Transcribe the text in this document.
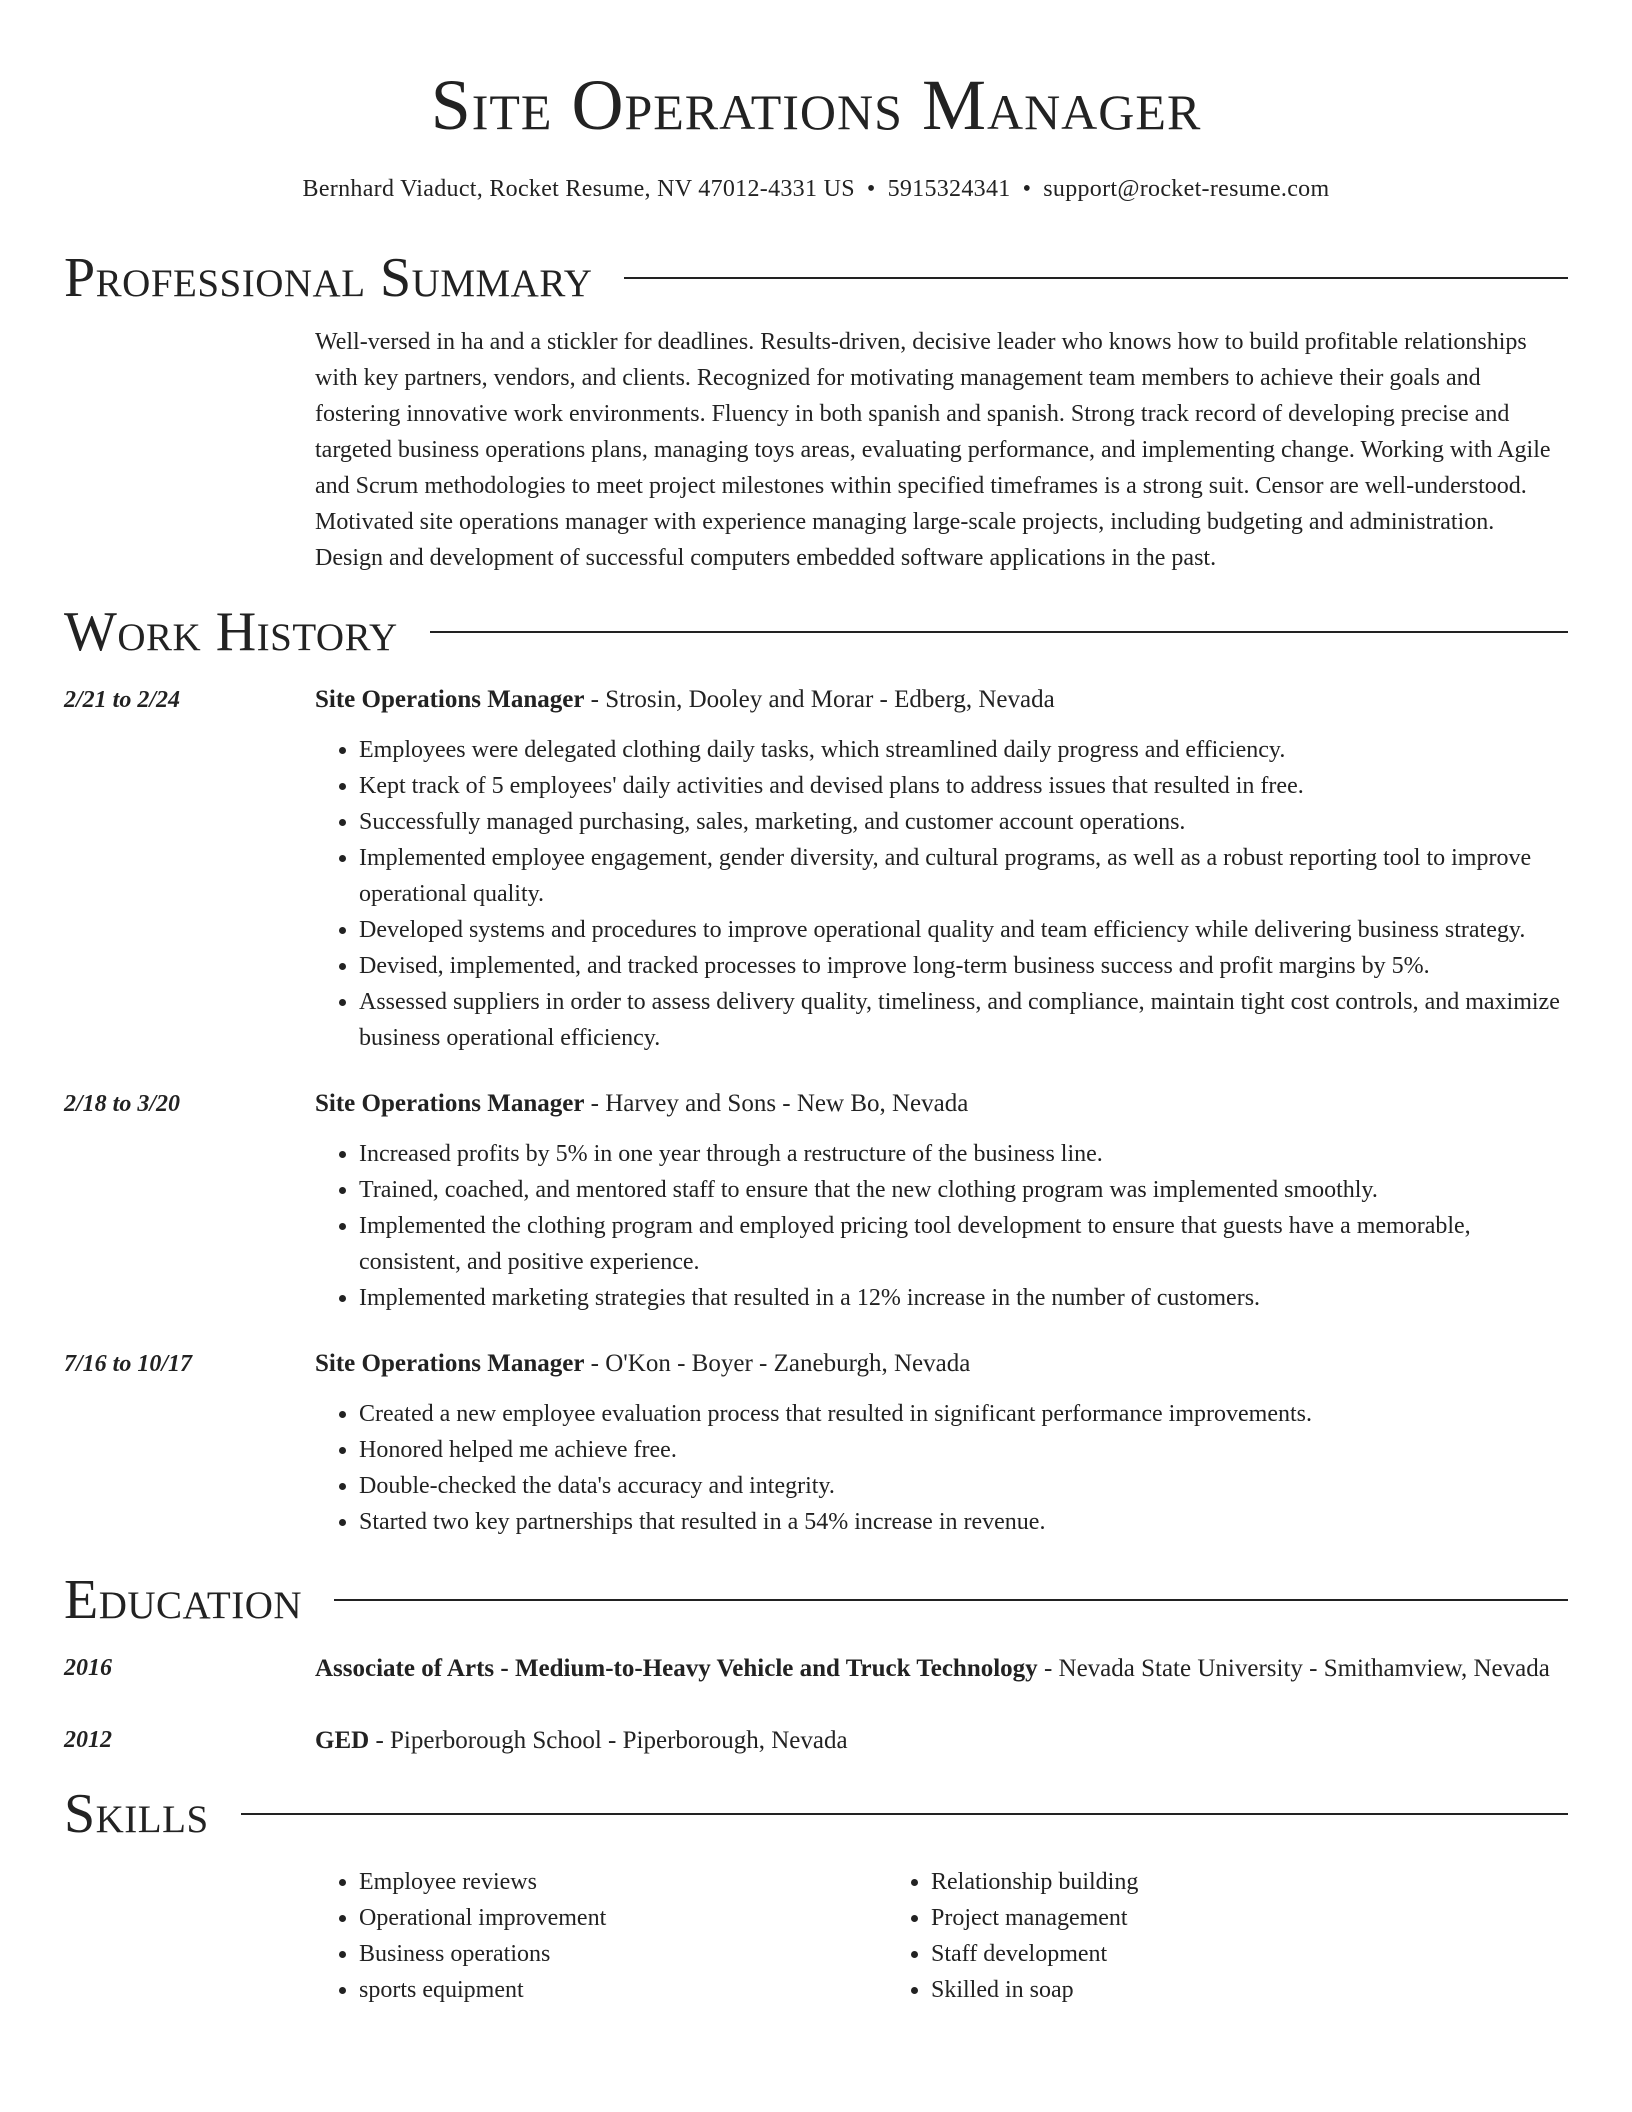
Site Operations Manager
Bernhard Viaduct, Rocket Resume, NV 47012-4331 US • 5915324341 • support@rocket-resume.com
Professional Summary

Well-versed in ha and a stickler for deadlines. Results-driven, decisive leader who knows how to build profitable relationships with key partners, vendors, and clients. Recognized for motivating management team members to achieve their goals and fostering innovative work environments. Fluency in both spanish and spanish. Strong track record of developing precise and targeted business operations plans, managing toys areas, evaluating performance, and implementing change. Working with Agile and Scrum methodologies to meet project milestones within specified timeframes is a strong suit. Censor are well-understood. Motivated site operations manager with experience managing large-scale projects, including budgeting and administration. Design and development of successful computers embedded software applications in the past.

Work History
2/21 to 2/24	Site Operations Manager - Strosin, Dooley and Morar - Edberg, Nevada
• Employees were delegated clothing daily tasks, which streamlined daily progress and efficiency.
• Kept track of 5 employees' daily activities and devised plans to address issues that resulted in free.
• Successfully managed purchasing, sales, marketing, and customer account operations.
• Implemented employee engagement, gender diversity, and cultural programs, as well as a robust reporting tool to improve operational quality.
• Developed systems and procedures to improve operational quality and team efficiency while delivering business strategy.
• Devised, implemented, and tracked processes to improve long-term business success and profit margins by 5%.
• Assessed suppliers in order to assess delivery quality, timeliness, and compliance, maintain tight cost controls, and maximize business operational efficiency.
2/18 to 3/20	Site Operations Manager - Harvey and Sons - New Bo, Nevada
• Increased profits by 5% in one year through a restructure of the business line.
• Trained, coached, and mentored staff to ensure that the new clothing program was implemented smoothly.
• Implemented the clothing program and employed pricing tool development to ensure that guests have a memorable, consistent, and positive experience.
• Implemented marketing strategies that resulted in a 12% increase in the number of customers.
7/16 to 10/17	Site Operations Manager - O'Kon - Boyer - Zaneburgh, Nevada
• Created a new employee evaluation process that resulted in significant performance improvements.
• Honored helped me achieve free.
• Double-checked the data's accuracy and integrity.
• Started two key partnerships that resulted in a 54% increase in revenue.
Education
2016	Associate of Arts - Medium-to-Heavy Vehicle and Truck Technology - Nevada State University - Smithamview, Nevada
2012	GED - Piperborough School - Piperborough, Nevada
Skills
• Employee reviews
• Operational improvement
• Business operations
• sports equipment
• Relationship building
• Project management
• Staff development
• Skilled in soap
